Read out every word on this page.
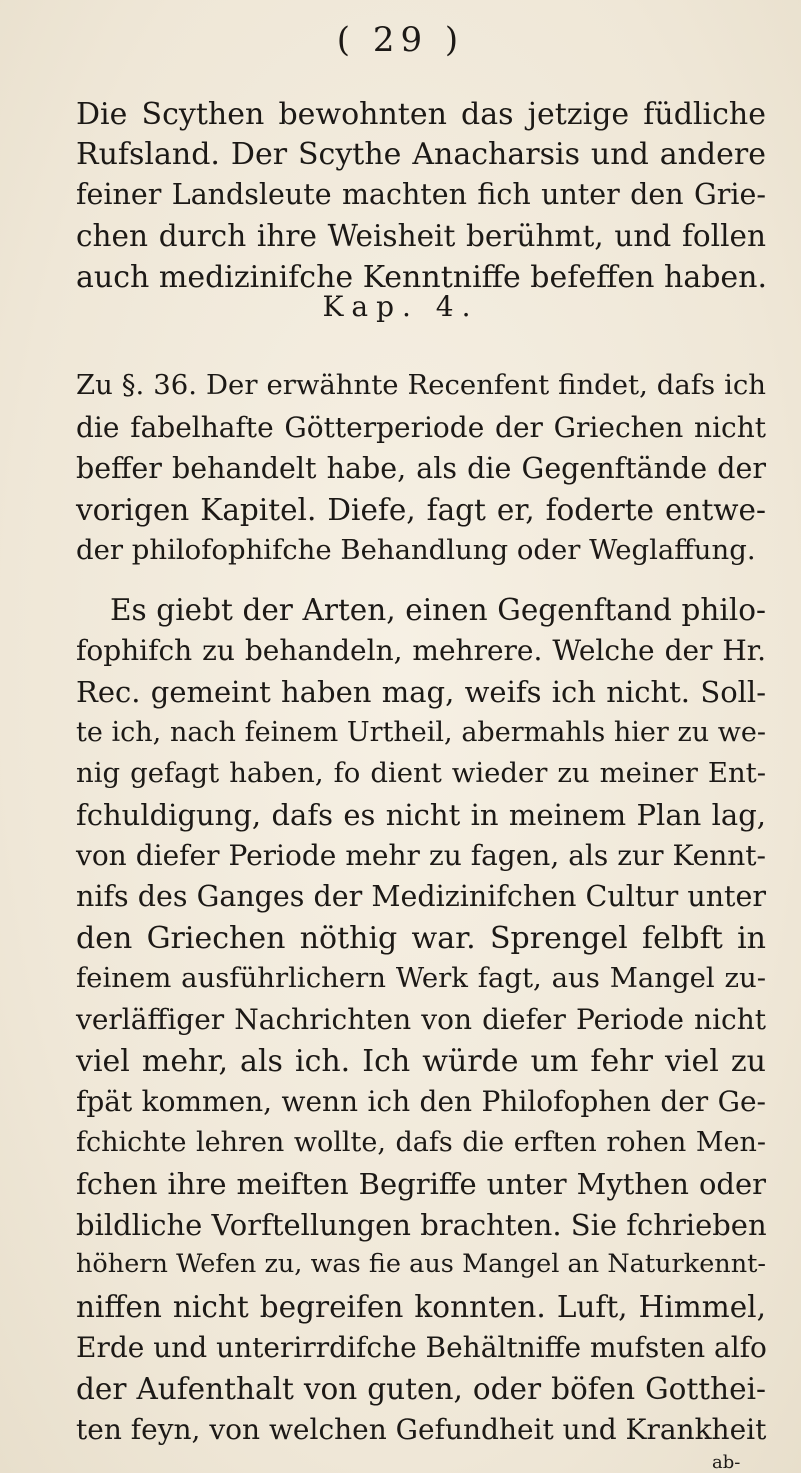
( 29 )
Die Scythen bewohnten das jetzige füdliche
Rufsland. Der Scythe Anacharsis und andere
feiner Landsleute machten fich unter den Grie-
chen durch ihre Weisheit berühmt, und follen
auch medizinifche Kenntniffe befeffen haben.
Kap. 4.
Zu §. 36. Der erwähnte Recenfent findet, dafs ich
die fabelhafte Götterperiode der Griechen nicht
beffer behandelt habe, als die Gegenftände der
vorigen Kapitel. Diefe, fagt er, foderte entwe-
der philofophifche Behandlung oder Weglaffung.
Es giebt der Arten, einen Gegenftand philo-
fophifch zu behandeln, mehrere. Welche der Hr.
Rec. gemeint haben mag, weifs ich nicht. Soll-
te ich, nach feinem Urtheil, abermahls hier zu we-
nig gefagt haben, fo dient wieder zu meiner Ent-
fchuldigung, dafs es nicht in meinem Plan lag,
von diefer Periode mehr zu fagen, als zur Kennt-
nifs des Ganges der Medizinifchen Cultur unter
den Griechen nöthig war. Sprengel felbft in
feinem ausführlichern Werk fagt, aus Mangel zu-
verläffiger Nachrichten von diefer Periode nicht
viel mehr, als ich. Ich würde um fehr viel zu
fpät kommen, wenn ich den Philofophen der Ge-
fchichte lehren wollte, dafs die erften rohen Men-
fchen ihre meiften Begriffe unter Mythen oder
bildliche Vorftellungen brachten. Sie fchrieben
höhern Wefen zu, was fie aus Mangel an Naturkennt-
niffen nicht begreifen konnten. Luft, Himmel,
Erde und unterirrdifche Behältniffe mufsten alfo
der Aufenthalt von guten, oder böfen Gotthei-
ten feyn, von welchen Gefundheit und Krankheit
ab-
